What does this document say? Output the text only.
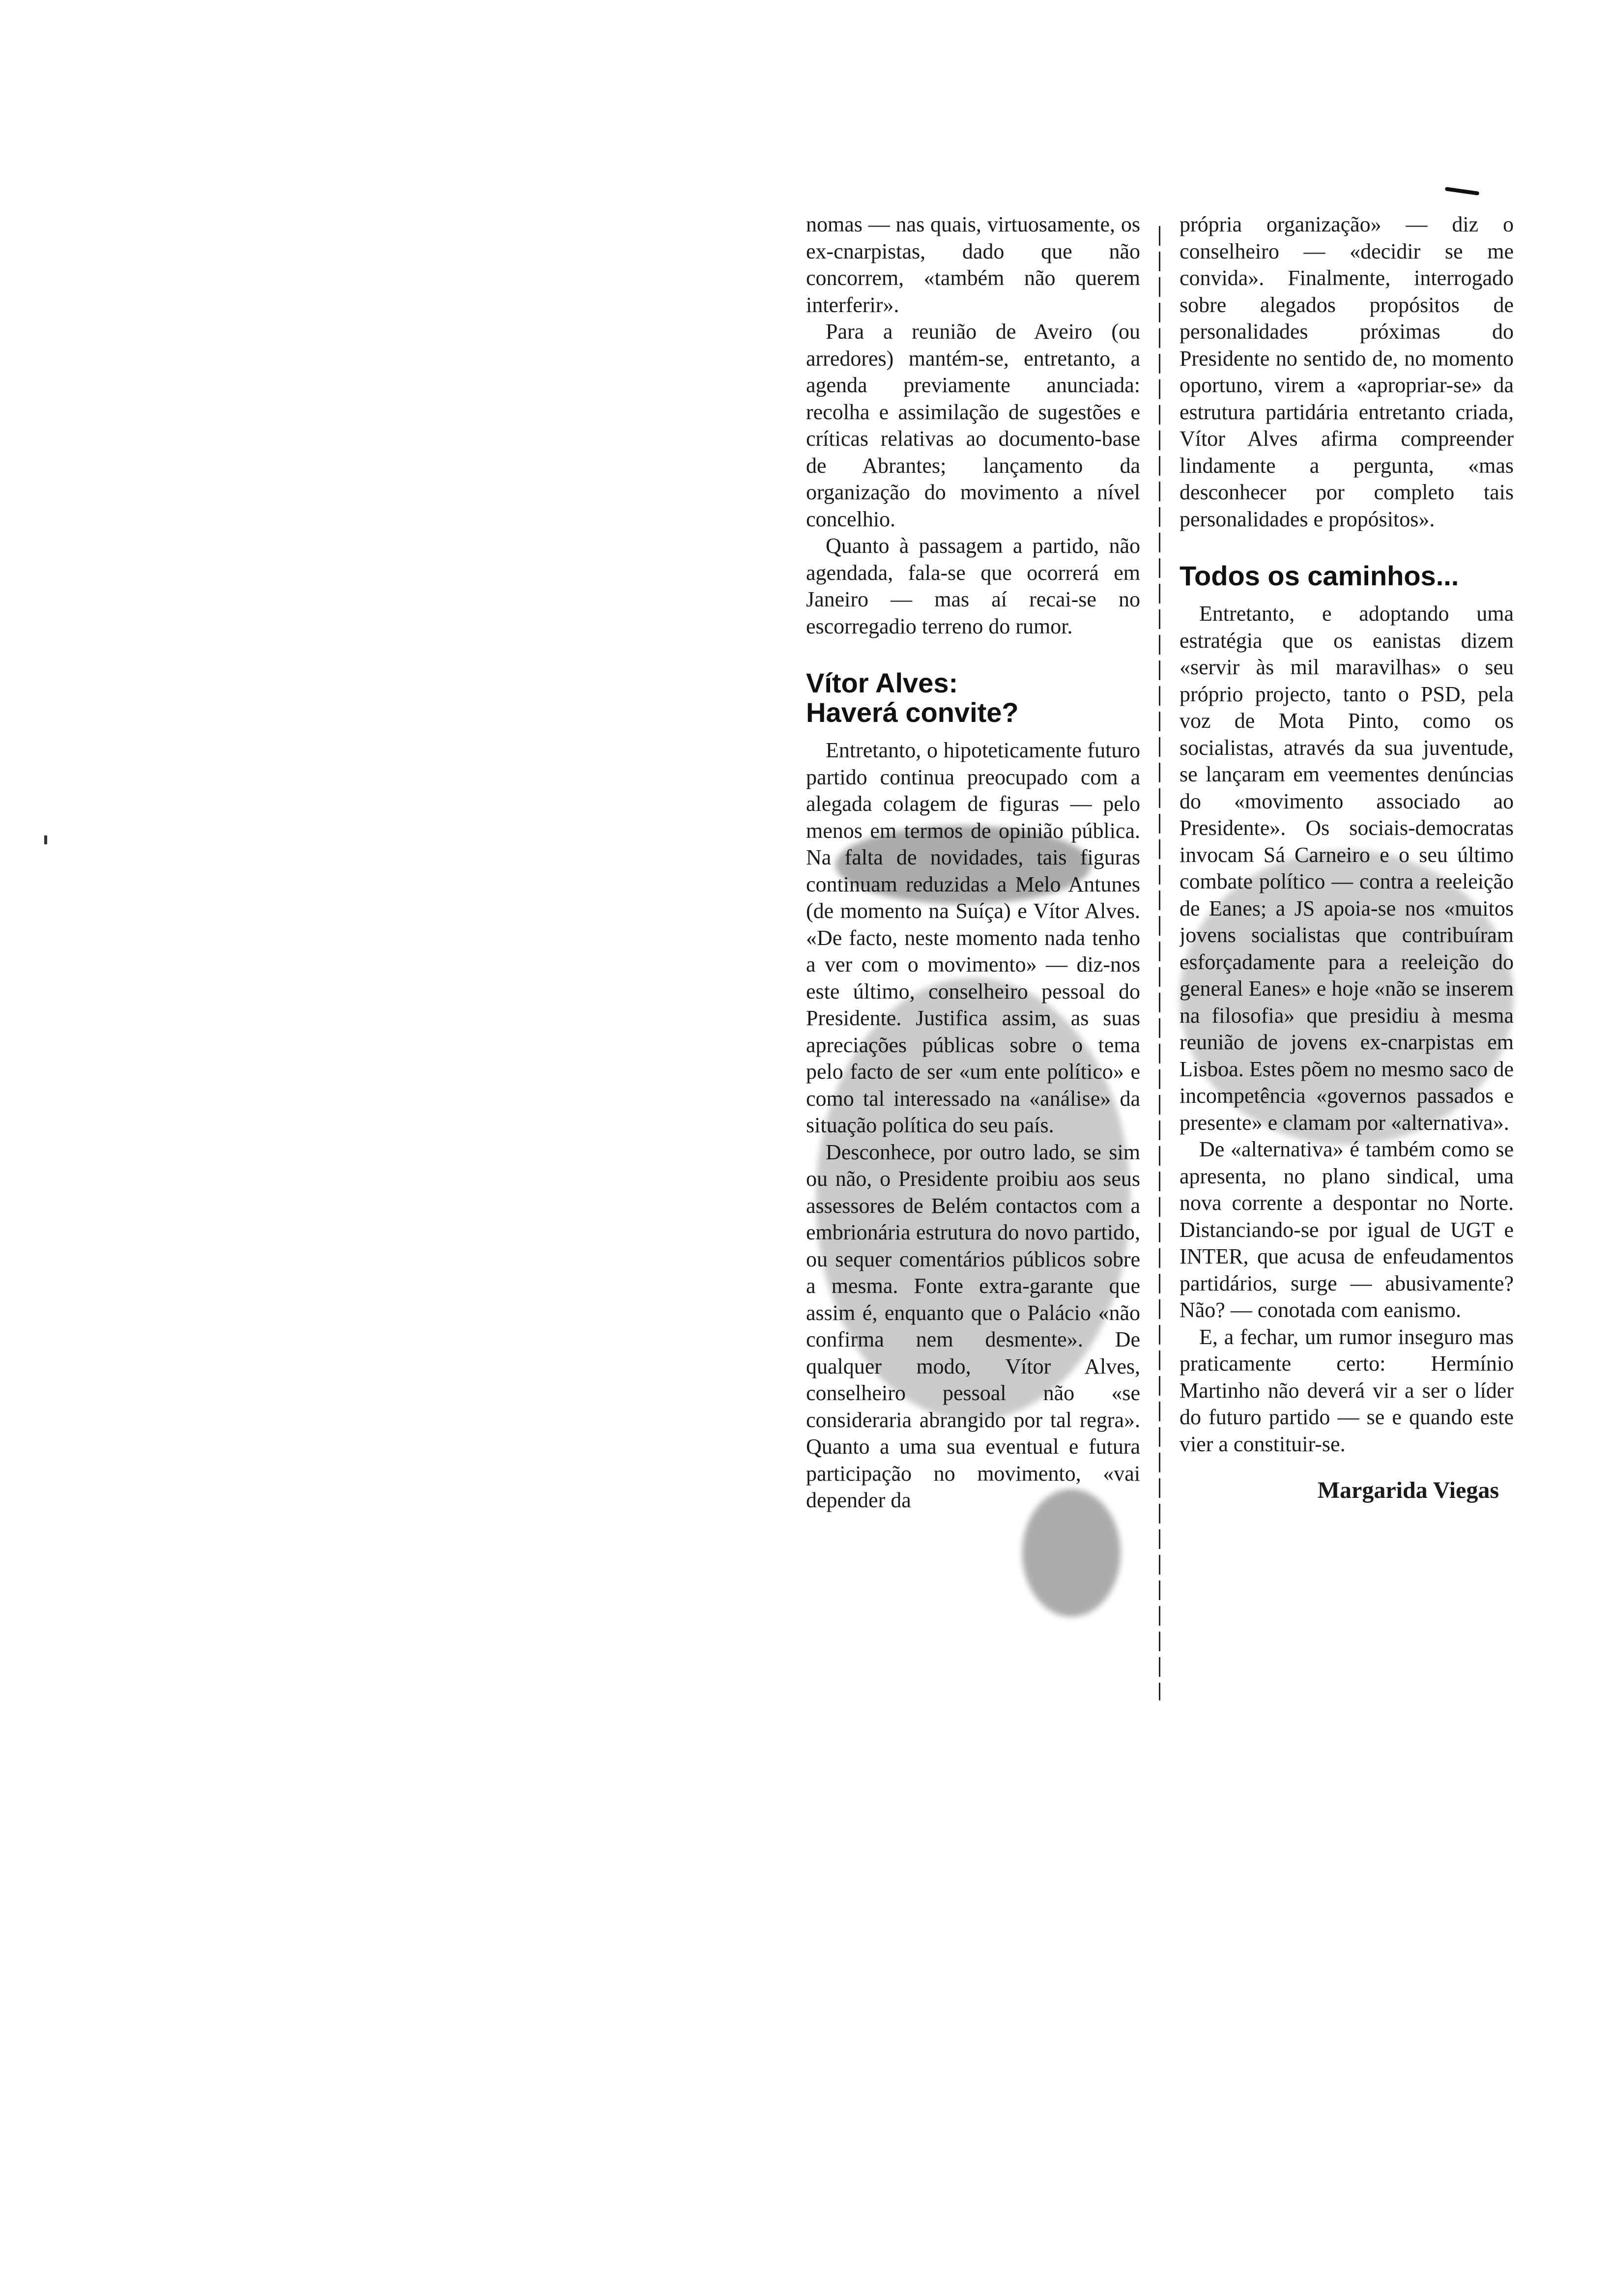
nomas — nas quais, virtuosamente, os ex-cnarpistas, dado que não concorrem, «também não querem interferir».

Para a reunião de Aveiro (ou arredores) mantém-se, entretanto, a agenda previamente anunciada: recolha e assimilação de sugestões e críticas relativas ao documento-base de Abrantes; lançamento da organização do movimento a nível concelhio.

Quanto à passagem a partido, não agendada, fala-se que ocorrerá em Janeiro — mas aí recai-se no escorregadio terreno do rumor.

Vítor Alves:
Haverá convite?

Entretanto, o hipoteticamente futuro partido continua preocupado com a alegada colagem de figuras — pelo menos em termos de opinião pública. Na falta de novidades, tais figuras continuam reduzidas a Melo Antunes (de momento na Suíça) e Vítor Alves. «De facto, neste momento nada tenho a ver com o movimento» — diz-nos este último, conselheiro pessoal do Presidente. Justifica assim, as suas apreciações públicas sobre o tema pelo facto de ser «um ente político» e como tal interessado na «análise» da situação política do seu país.

Desconhece, por outro lado, se sim ou não, o Presidente proibiu aos seus assessores de Belém contactos com a embrionária estrutura do novo partido, ou sequer comentários públicos sobre a mesma. Fonte extra-garante que assim é, enquanto que o Palácio «não confirma nem desmente». De qualquer modo, Vítor Alves, conselheiro pessoal não «se consideraria abrangido por tal regra». Quanto a uma sua eventual e futura participação no movimento, «vai depender da

própria organização» — diz o conselheiro — «decidir se me convida». Finalmente, interrogado sobre alegados propósitos de personalidades próximas do Presidente no sentido de, no momento oportuno, virem a «apropriar-se» da estrutura partidária entretanto criada, Vítor Alves afirma compreender lindamente a pergunta, «mas desconhecer por completo tais personalidades e propósitos».

Todos os caminhos...

Entretanto, e adoptando uma estratégia que os eanistas dizem «servir às mil maravilhas» o seu próprio projecto, tanto o PSD, pela voz de Mota Pinto, como os socialistas, através da sua juventude, se lançaram em veementes denúncias do «movimento associado ao Presidente». Os sociais-democratas invocam Sá Carneiro e o seu último combate político — contra a reeleição de Eanes; a JS apoia-se nos «muitos jovens socialistas que contribuíram esforçadamente para a reeleição do general Eanes» e hoje «não se inserem na filosofia» que presidiu à mesma reunião de jovens ex-cnarpistas em Lisboa. Estes põem no mesmo saco de incompetência «governos passados e presente» e clamam por «alternativa».

De «alternativa» é também como se apresenta, no plano sindical, uma nova corrente a despontar no Norte. Distanciando-se por igual de UGT e INTER, que acusa de enfeudamentos partidários, surge — abusivamente? Não? — conotada com eanismo.

E, a fechar, um rumor inseguro mas praticamente certo: Hermínio Martinho não deverá vir a ser o líder do futuro partido — se e quando este vier a constituir-se.

Margarida Viegas
